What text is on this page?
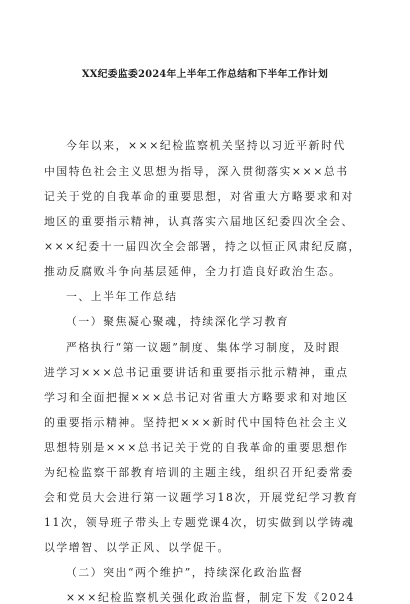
XX纪委监委2024年上半年工作总结和下半年工作计划
今年以来，×××纪检监察机关坚持以习近平新时代
中国特色社会主义思想为指导，深入贯彻落实×××总书
记关于党的自我革命的重要思想，对省重大方略要求和对
地区的重要指示精神，认真落实六届地区纪委四次全会、
×××纪委十一届四次全会部署，持之以恒正风肃纪反腐，
推动反腐败斗争向基层延伸，全力打造良好政治生态。
一、上半年工作总结
（一）聚焦凝心聚魂，持续深化学习教育
严格执行“第一议题”制度、集体学习制度，及时跟
进学习×××总书记重要讲话和重要指示批示精神，重点
学习和全面把握×××总书记对省重大方略要求和对地区
的重要指示精神。坚持把×××新时代中国特色社会主义
思想特别是×××总书记关于党的自我革命的重要思想作
为纪检监察干部教育培训的主题主线，组织召开纪委常委
会和党员大会进行第一议题学习18次，开展党纪学习教育
11次，领导班子带头上专题党课4次，切实做到以学铸魂
以学增智、以学正风、以学促干。
（二）突出“两个维护”，持续深化政治监督
×××纪检监察机关强化政治监督，制定下发《2024
